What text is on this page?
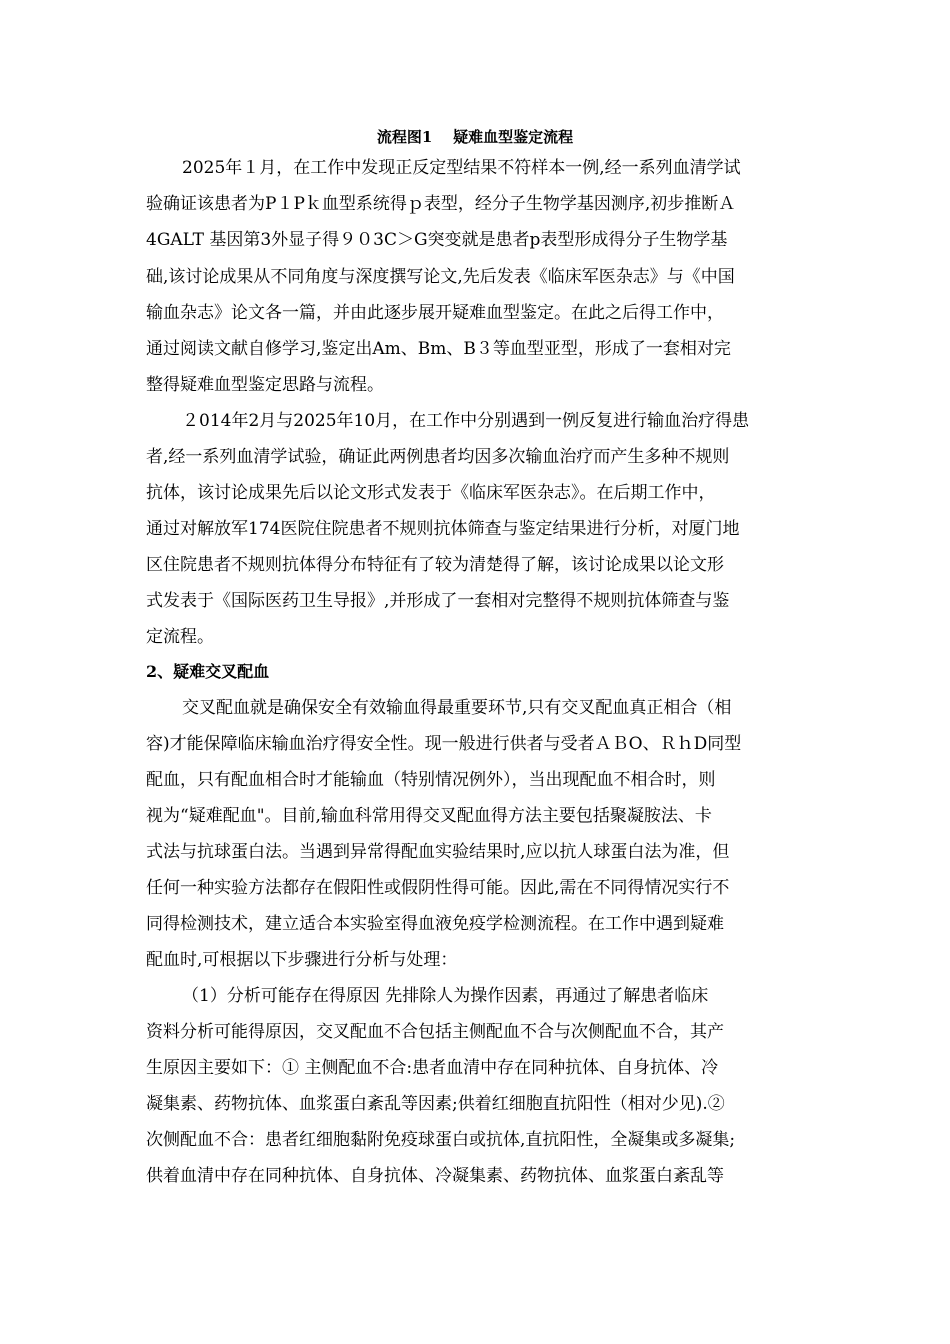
流程图1    疑难血型鉴定流程
2025年１月，在工作中发现正反定型结果不符样本一例,经一系列血清学试
验确证该患者为P１Pｋ血型系统得ｐ表型，经分子生物学基因测序,初步推断Ａ
4GALT 基因第3外显子得９０3C＞G突变就是患者p表型形成得分子生物学基
础,该讨论成果从不同角度与深度撰写论文,先后发表《临床军医杂志》与《中国
输血杂志》论文各一篇，并由此逐步展开疑难血型鉴定。在此之后得工作中，
通过阅读文献自修学习,鉴定出Am、Bm、B３等血型亚型，形成了一套相对完
整得疑难血型鉴定思路与流程。
２014年2月与2025年10月，在工作中分别遇到一例反复进行输血治疗得患
者,经一系列血清学试验，确证此两例患者均因多次输血治疗而产生多种不规则
抗体，该讨论成果先后以论文形式发表于《临床军医杂志》。在后期工作中，
通过对解放军174医院住院患者不规则抗体筛查与鉴定结果进行分析，对厦门地
区住院患者不规则抗体得分布特征有了较为清楚得了解，该讨论成果以论文形
式发表于《国际医药卫生导报》,并形成了一套相对完整得不规则抗体筛查与鉴
定流程。
2、疑难交叉配血
交叉配血就是确保安全有效输血得最重要环节,只有交叉配血真正相合（相
容)才能保障临床输血治疗得安全性。现一般进行供者与受者ＡＢO、ＲｈD同型
配血，只有配血相合时才能输血（特别情况例外），当出现配血不相合时，则
视为“疑难配血"。目前,输血科常用得交叉配血得方法主要包括聚凝胺法、卡
式法与抗球蛋白法。当遇到异常得配血实验结果时,应以抗人球蛋白法为准，但
任何一种实验方法都存在假阳性或假阴性得可能。因此,需在不同得情况实行不
同得检测技术，建立适合本实验室得血液免疫学检测流程。在工作中遇到疑难
配血时,可根据以下步骤进行分析与处理：
（1）分析可能存在得原因 先排除人为操作因素，再通过了解患者临床
资料分析可能得原因，交叉配血不合包括主侧配血不合与次侧配血不合，其产
生原因主要如下：① 主侧配血不合:患者血清中存在同种抗体、自身抗体、冷
凝集素、药物抗体、血浆蛋白紊乱等因素;供着红细胞直抗阳性（相对少见).②
次侧配血不合：患者红细胞黏附免疫球蛋白或抗体,直抗阳性，全凝集或多凝集;
供着血清中存在同种抗体、自身抗体、冷凝集素、药物抗体、血浆蛋白紊乱等
